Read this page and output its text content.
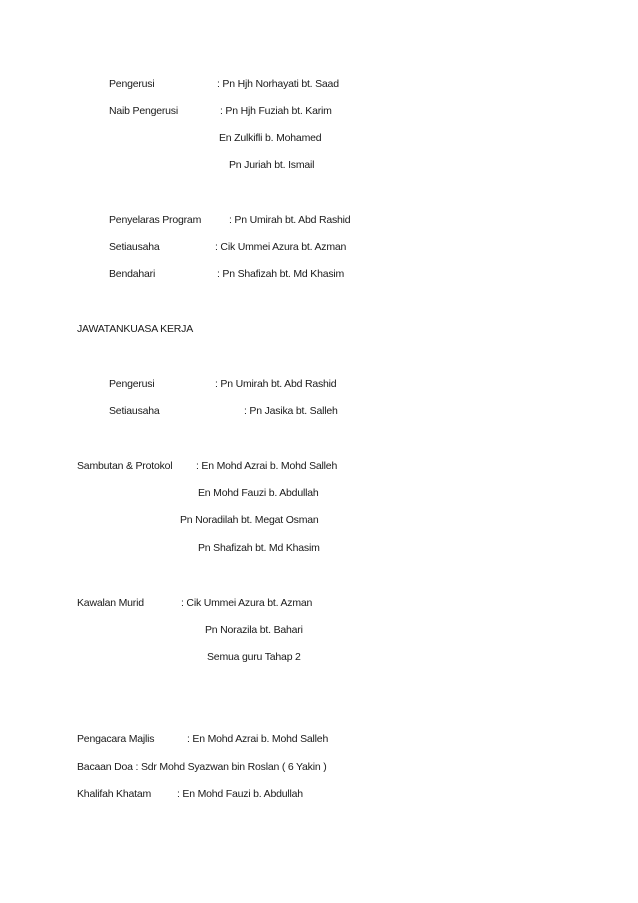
Pengerusi	: Pn Hjh Norhayati bt. Saad
Naib Pengerusi	: Pn Hjh Fuziah bt. Karim
En Zulkifli b. Mohamed
Pn Juriah bt. Ismail
Penyelaras Program	: Pn Umirah bt. Abd Rashid
Setiausaha	: Cik Ummei Azura bt. Azman
Bendahari	: Pn Shafizah bt. Md Khasim
JAWATANKUASA KERJA
Pengerusi	: Pn Umirah bt. Abd Rashid
Setiausaha	: Pn Jasika bt. Salleh
Sambutan & Protokol : En Mohd Azrai b. Mohd Salleh
En Mohd Fauzi b. Abdullah
Pn Noradilah bt. Megat Osman
Pn Shafizah bt. Md Khasim
Kawalan Murid	: Cik Ummei Azura bt. Azman
Pn Norazila bt. Bahari
Semua guru Tahap 2
Pengacara Majlis	: En Mohd Azrai b. Mohd Salleh
Bacaan Doa : Sdr Mohd Syazwan bin Roslan ( 6 Yakin )
Khalifah Khatam : En Mohd Fauzi b. Abdullah
